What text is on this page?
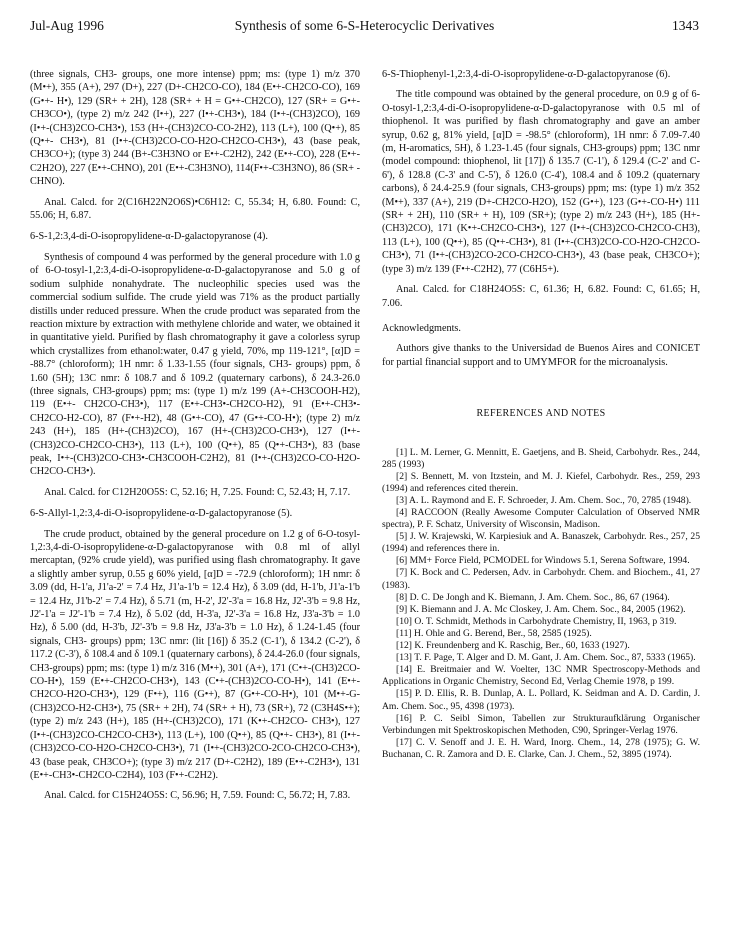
Jul-Aug 1996	Synthesis of some 6-S-Heterocyclic Derivatives	1343

(three signals, CH3- groups, one more intense) ppm; ms: (type 1) m/z 370 (M•+), 355 (A+), 297 (D+), 227 (D+-CH2CO-CO), 184 (E•+-CH2CO-CO), 169 (G•+- H•), 129 (SR+ + 2H), 128 (SR+ + H = G•+-CH2CO), 127 (SR+ = G•+-CH3CO•), (type 2) m/z 242 (I•+), 227 (I•+-CH3•), 184 (I•+-(CH3)2CO), 169 (I•+-(CH3)2CO-CH3•), 153 (H+-(CH3)2CO-CO-2H2), 113 (L+), 100 (Q•+), 85 (Q•+- CH3•), 81 (I•+-(CH3)2CO-CO-H2O-CH2CO-CH3•), 43 (base peak, CH3CO+); (type 3) 244 (B+-C3H3NO or E•+-C2H2), 242 (E•+-CO), 228 (E•+-C2H2O), 227 (E•+-CHNO), 201 (E•+-C3H3NO), 114(F•+-C3H3NO), 86 (SR+ -CHNO).

Anal. Calcd. for 2(C16H22N2O6S)•C6H12: C, 55.34; H, 6.80. Found: C, 55.06; H, 6.87.

6-S-1,2:3,4-di-O-isopropylidene-α-D-galactopyranose (4).

Synthesis of compound 4 was performed by the general procedure with 1.0 g of 6-O-tosyl-1,2:3,4-di-O-isopropylidene-α-D-galactopyranose and 5.0 g of sodium sulphide nonahydrate. The nucleophilic species used was the commercial sodium sulfide. The crude yield was 71% as the product partially distills under reduced pressure. When the crude product was separated from the reaction mixture by extraction with methylene chloride and water, we obtained it in quantitative yield. Purified by flash chromatography it gave a colorless syrup which crystallizes from ethanol:water, 0.47 g yield, 70%, mp 119-121°, [α]D = -88.7° (chloroform); 1H nmr: δ 1.33-1.55 (four signals, CH3- groups) ppm, δ 1.60 (5H); 13C nmr: δ 108.7 and δ 109.2 (quaternary carbons), δ 24.3-26.0 (three signals, CH3-groups) ppm; ms: (type 1) m/z 199 (A+-CH3COOH-H2), 119 (E•+- CH2CO-CH3•), 117 (E•+-CH3•-CH2CO-H2), 91 (E•+-CH3•-CH2CO-H2-CO), 87 (F•+-H2), 48 (G•+-CO), 47 (G•+-CO-H•); (type 2) m/z 243 (H+), 185 (H+-(CH3)2CO), 167 (H+-(CH3)2CO-CH3•), 127 (I•+-(CH3)2CO-CH2CO-CH3•), 113 (L+), 100 (Q•+), 85 (Q•+-CH3•), 83 (base peak, I•+-(CH3)2CO-CH3•-CH3COOH-C2H2), 81 (I•+-(CH3)2CO-CO-H2O-CH2CO-CH3•).

Anal. Calcd. for C12H20O5S: C, 52.16; H, 7.25. Found: C, 52.43; H, 7.17.

6-S-Allyl-1,2:3,4-di-O-isopropylidene-α-D-galactopyranose (5).

The crude product, obtained by the general procedure on 1.2 g of 6-O-tosyl-1,2:3,4-di-O-isopropylidene-α-D-galactopyranose with 0.8 ml of allyl mercaptan, (92% crude yield), was purified using flash chromatography. It gave a slightly amber syrup, 0.55 g 60% yield, [α]D = -72.9 (chloroform); 1H nmr: δ 3.09 (dd, H-1'a, J1'a-2' = 7.4 Hz, J1'a-1'b = 12.4 Hz), δ 3.09 (dd, H-1'b, J1'a-1'b = 12.4 Hz, J1'b-2' = 7.4 Hz), δ 5.71 (m, H-2', J2'-3'a = 16.8 Hz, J2'-3'b = 9.8 Hz, J2'-1'a = J2'-1'b = 7.4 Hz), δ 5.02 (dd, H-3'a, J2'-3'a = 16.8 Hz, J3'a-3'b = 1.0 Hz), δ 5.00 (dd, H-3'b, J2'-3'b = 9.8 Hz, J3'a-3'b = 1.0 Hz), δ 1.24-1.45 (four signals, CH3- groups) ppm; 13C nmr: (lit [16]) δ 35.2 (C-1'), δ 134.2 (C-2'), δ 117.2 (C-3'), δ 108.4 and δ 109.1 (quaternary carbons), δ 24.4-26.0 (four signals, CH3-groups) ppm; ms: (type 1) m/z 316 (M•+), 301 (A+), 171 (C•+-(CH3)2CO-CO-H•), 159 (E•+-CH2CO-CH3•), 143 (C•+-(CH3)2CO-CO-H•), 141 (E•+-CH2CO-H2O-CH3•), 129 (F•+), 116 (G•+), 87 (G•+-CO-H•), 101 (M•+-G-(CH3)2CO-H2-CH3•), 75 (SR+ + 2H), 74 (SR+ + H), 73 (SR+), 72 (C3H4S•+); (type 2) m/z 243 (H+), 185 (H+-(CH3)2CO), 171 (K•+-CH2CO- CH3•), 127 (I•+-(CH3)2CO-CH2CO-CH3•), 113 (L+), 100 (Q•+), 85 (Q•+- CH3•), 81 (I•+-(CH3)2CO-CO-H2O-CH2CO-CH3•), 71 (I•+-(CH3)2CO-2CO-CH2CO-CH3•), 43 (base peak, CH3CO+); (type 3) m/z 217 (D+-C2H2), 189 (E•+-C2H3•), 131 (E•+-CH3•-CH2CO-C2H4), 103 (F•+-C2H2).

Anal. Calcd. for C15H24O5S: C, 56.96; H, 7.59. Found: C, 56.72; H, 7.83.

6-S-Thiophenyl-1,2:3,4-di-O-isopropylidene-α-D-galactopyranose (6).

The title compound was obtained by the general procedure, on 0.9 g of 6-O-tosyl-1,2:3,4-di-O-isopropylidene-α-D-galactopyranose with 0.5 ml of thiophenol. It was purified by flash chromatography and gave an amber syrup, 0.62 g, 81% yield, [α]D = -98.5° (chloroform), 1H nmr: δ 7.09-7.40 (m, H-aromatics, 5H), δ 1.23-1.45 (four signals, CH3-groups) ppm; 13C nmr (model compound: thiophenol, lit [17]) δ 135.7 (C-1'), δ 129.4 (C-2' and C-6'), δ 128.8 (C-3' and C-5'), δ 126.0 (C-4'), 108.4 and δ 109.2 (quaternary carbons), δ 24.4-25.9 (four signals, CH3-groups) ppm; ms: (type 1) m/z 352 (M•+), 337 (A+), 219 (D+-CH2CO-H2O), 152 (G•+), 123 (G•+-CO-H•) 111 (SR+ + 2H), 110 (SR+ + H), 109 (SR+); (type 2) m/z 243 (H+), 185 (H+-(CH3)2CO), 171 (K•+-CH2CO-CH3•), 127 (I•+-(CH3)2CO-CH2CO-CH3), 113 (L+), 100 (Q•+), 85 (Q•+-CH3•), 81 (I•+-(CH3)2CO-CO-H2O-CH2CO-CH3•), 71 (I•+-(CH3)2CO-2CO-CH2CO-CH3•), 43 (base peak, CH3CO+); (type 3) m/z 139 (F•+-C2H2), 77 (C6H5+).

Anal. Calcd. for C18H24O5S: C, 61.36; H, 6.82. Found: C, 61.65; H, 7.06.

Acknowledgments.

Authors give thanks to the Universidad de Buenos Aires and CONICET for partial financial support and to UMYMFOR for the microanalysis.

REFERENCES AND NOTES

[1] L. M. Lerner, G. Mennitt, E. Gaetjens, and B. Sheid, Carbohydr. Res., 244, 285 (1993)

[2] S. Bennett, M. von Itzstein, and M. J. Kiefel, Carbohydr. Res., 259, 293 (1994) and references cited therein.

[3] A. L. Raymond and E. F. Schroeder, J. Am. Chem. Soc., 70, 2785 (1948).

[4] RACCOON (Really Awesome Computer Calculation of Observed NMR spectra), P. F. Schatz, University of Wisconsin, Madison.

[5] J. W. Krajewski, W. Karpiesiuk and A. Banaszek, Carbohydr. Res., 257, 25 (1994) and references there in.

[6] MM+ Force Field, PCMODEL for Windows 5.1, Serena Software, 1994.

[7] K. Bock and C. Pedersen, Adv. in Carbohydr. Chem. and Biochem., 41, 27 (1983).

[8] D. C. De Jongh and K. Biemann, J. Am. Chem. Soc., 86, 67 (1964).

[9] K. Biemann and J. A. Mc Closkey, J. Am. Chem. Soc., 84, 2005 (1962).

[10] O. T. Schmidt, Methods in Carbohydrate Chemistry, II, 1963, p 319.

[11] H. Ohle and G. Berend, Ber., 58, 2585 (1925).

[12] K. Freundenberg and K. Raschig, Ber., 60, 1633 (1927).

[13] T. F. Page, T. Alger and D. M. Gant, J. Am. Chem. Soc., 87, 5333 (1965).

[14] E. Breitmaier and W. Voelter, 13C NMR Spectroscopy-Methods and Applications in Organic Chemistry, Second Ed, Verlag Chemie 1978, p 199.

[15] P. D. Ellis, R. B. Dunlap, A. L. Pollard, K. Seidman and A. D. Cardin, J. Am. Chem. Soc., 95, 4398 (1973).

[16] P. C. Seibl Simon, Tabellen zur Strukturaufklärung Organischer Verbindungen mit Spektroskopischen Methoden, C90, Springer-Verlag 1976.

[17] C. V. Senoff and J. E. H. Ward, Inorg. Chem., 14, 278 (1975); G. W. Buchanan, C. R. Zamora and D. E. Clarke, Can. J. Chem., 52, 3895 (1974).
